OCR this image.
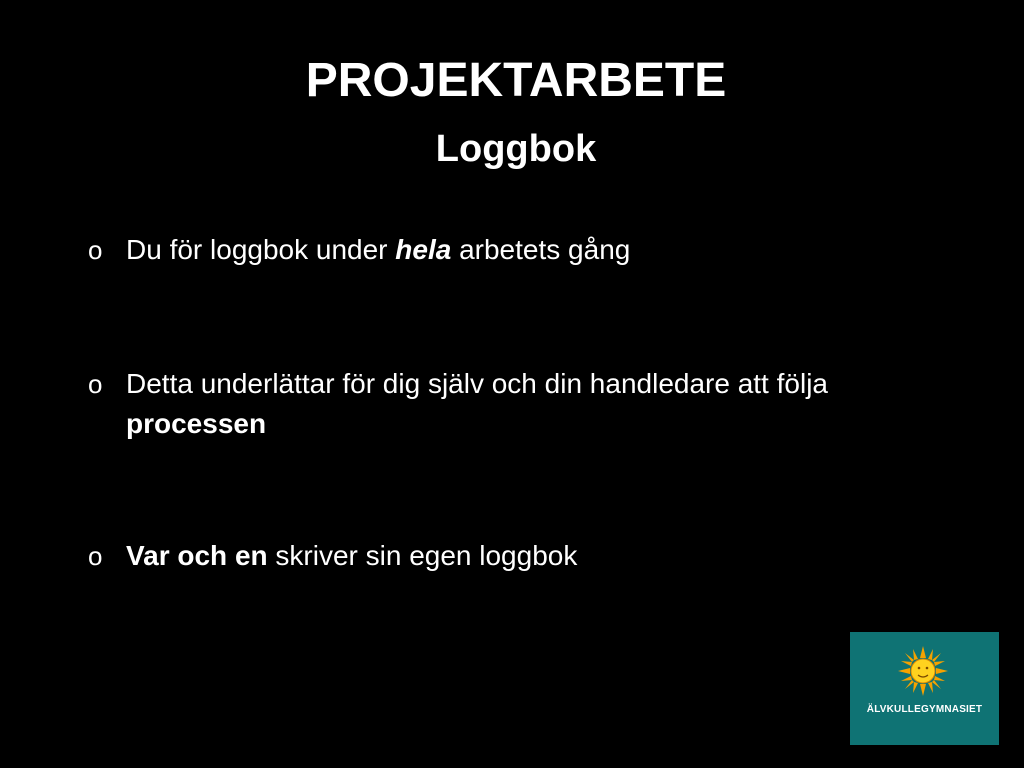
PROJEKTARBETE
Loggbok
o Du för loggbok under hela arbetets gång
o Detta underlättar för dig själv och din handledare att följa processen
o Var och en skriver sin egen loggbok
ÄLVKULLEGYMNASIET
